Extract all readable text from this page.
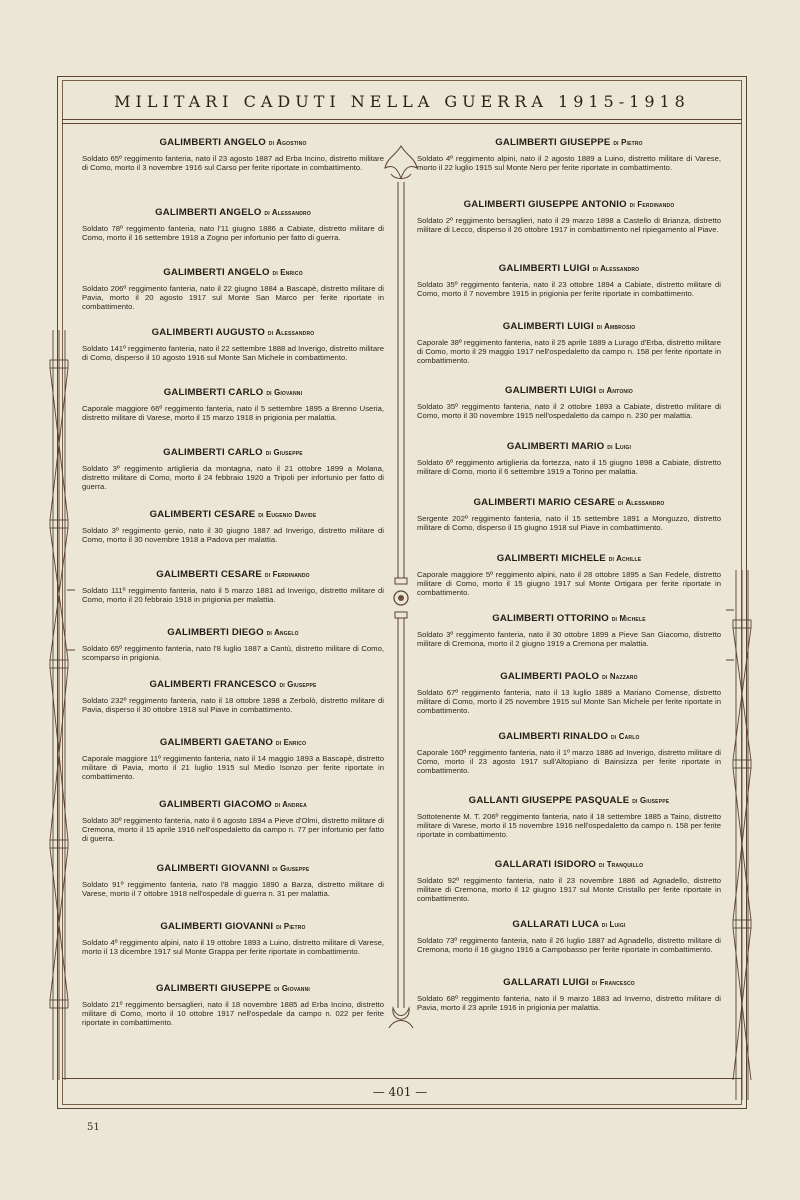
MILITARI CADUTI NELLA GUERRA 1915-1918
GALIMBERTI ANGELO di Agostino
Soldato 65º reggimento fanteria, nato il 23 agosto 1887 ad Erba Incino, distretto militare di Como, morto il 3 novembre 1916 sul Carso per ferite riportate in combattimento.
GALIMBERTI ANGELO di Alessandro
Soldato 78º reggimento fanteria, nato l'11 giugno 1886 a Cabiate, distretto militare di Como, morto il 16 settembre 1918 a Zogno per infortunio per fatto di guerra.
GALIMBERTI ANGELO di Enrico
Soldato 206º reggimento fanteria, nato il 22 giugno 1884 a Bascapè, distretto militare di Pavia, morto il 20 agosto 1917 sul Monte San Marco per ferite riportate in combattimento.
GALIMBERTI AUGUSTO di Alessandro
Soldato 141º reggimento fanteria, nato il 22 settembre 1888 ad Inverigo, distretto militare di Como, disperso il 10 agosto 1916 sul Monte San Michele in combattimento.
GALIMBERTI CARLO di Giovanni
Caporale maggiore 66º reggimento fanteria, nato il 5 settembre 1895 a Brenno Useria, distretto militare di Varese, morto il 15 marzo 1918 in prigionia per malattia.
GALIMBERTI CARLO di Giuseppe
Soldato 3º reggimento artiglieria da montagna, nato il 21 ottobre 1899 a Molana, distretto militare di Como, morto il 24 febbraio 1920 a Tripoli per infortunio per fatto di guerra.
GALIMBERTI CESARE di Eugenio Davide
Soldato 3º reggimento genio, nato il 30 giugno 1887 ad Inverigo, distretto militare di Como, morto il 30 novembre 1918 a Padova per malattia.
GALIMBERTI CESARE di Ferdinando
Soldato 111º reggimento fanteria, nato il 5 marzo 1881 ad Inverigo, distretto militare di Como, morto il 20 febbraio 1918 in prigionia per malattia.
GALIMBERTI DIEGO di Angelo
Soldato 65º reggimento fanteria, nato l'8 luglio 1887 a Cantù, distretto militare di Como, scomparso in prigionia.
GALIMBERTI FRANCESCO di Giuseppe
Soldato 232º reggimento fanteria, nato il 18 ottobre 1898 a Zerbolò, distretto militare di Pavia, disperso il 30 ottobre 1918 sul Piave in combattimento.
GALIMBERTI GAETANO di Enrico
Caporale maggiore 11º reggimento fanteria, nato il 14 maggio 1893 a Bascapè, distretto militare di Pavia, morto il 21 luglio 1915 sul Medio Isonzo per ferite riportate in combattimento.
GALIMBERTI GIACOMO di Andrea
Soldato 30º reggimento fanteria, nato il 6 agosto 1894 a Pieve d'Olmi, distretto militare di Cremona, morto il 15 aprile 1916 nell'ospedaletto da campo n. 77 per infortunio per fatto di guerra.
GALIMBERTI GIOVANNI di Giuseppe
Soldato 91º reggimento fanteria, nato l'8 maggio 1890 a Barza, distretto militare di Varese, morto il 7 ottobre 1918 nell'ospedale di guerra n. 31 per malattia.
GALIMBERTI GIOVANNI di Pietro
Soldato 4º reggimento alpini, nato il 19 ottobre 1893 a Luino, distretto militare di Varese, morto il 13 dicembre 1917 sul Monte Grappa per ferite riportate in combattimento.
GALIMBERTI GIUSEPPE di Giovanni
Soldato 21º reggimento bersaglieri, nato il 18 novembre 1885 ad Erba Incino, distretto militare di Como, morto il 10 ottobre 1917 nell'ospedale da campo n. 022 per ferite riportate in combattimento.
GALIMBERTI GIUSEPPE di Pietro
Soldato 4º reggimento alpini, nato il 2 agosto 1889 a Luino, distretto militare di Varese, morto il 22 luglio 1915 sul Monte Nero per ferite riportate in combattimento.
GALIMBERTI GIUSEPPE ANTONIO di Ferdinando
Soldato 2º reggimento bersaglieri, nato il 29 marzo 1898 a Castello di Brianza, distretto militare di Lecco, disperso il 26 ottobre 1917 in combattimento nel ripiegamento al Piave.
GALIMBERTI LUIGI di Alessandro
Soldato 35º reggimento fanteria, nato il 23 ottobre 1894 a Cabiate, distretto militare di Como, morto il 7 novembre 1915 in prigionia per ferite riportate in combattimento.
GALIMBERTI LUIGI di Ambrosio
Caporale 38º reggimento fanteria, nato il 25 aprile 1889 a Lurago d'Erba, distretto militare di Como, morto il 29 maggio 1917 nell'ospedaletto da campo n. 158 per ferite riportate in combattimento.
GALIMBERTI LUIGI di Antonio
Soldato 35º reggimento fanteria, nato il 2 ottobre 1893 a Cabiate, distretto militare di Como, morto il 30 novembre 1915 nell'ospedaletto da campo n. 230 per malattia.
GALIMBERTI MARIO di Luigi
Soldato 6º reggimento artiglieria da fortezza, nato il 15 giugno 1898 a Cabiate, distretto militare di Como, morto il 6 settembre 1919 a Torino per malattia.
GALIMBERTI MARIO CESARE di Alessandro
Sergente 202º reggimento fanteria, nato il 15 settembre 1891 a Monguzzo, distretto militare di Como, disperso il 15 giugno 1918 sul Piave in combattimento.
GALIMBERTI MICHELE di Achille
Caporale maggiore 5º reggimento alpini, nato il 28 ottobre 1895 a San Fedele, distretto militare di Como, morto il 15 giugno 1917 sul Monte Ortigara per ferite riportate in combattimento.
GALIMBERTI OTTORINO di Michele
Soldato 3º reggimento fanteria, nato il 30 ottobre 1899 a Pieve San Giacomo, distretto militare di Cremona, morto il 2 giugno 1919 a Cremona per malattia.
GALIMBERTI PAOLO di Nazzaro
Soldato 67º reggimento fanteria, nato il 13 luglio 1889 a Mariano Comense, distretto militare di Como, morto il 25 novembre 1915 sul Monte San Michele per ferite riportate in combattimento.
GALIMBERTI RINALDO di Carlo
Caporale 160º reggimento fanteria, nato il 1º marzo 1886 ad Inverigo, distretto militare di Como, morto il 23 agosto 1917 sull'Altopiano di Bainsizza per ferite riportate in combattimento.
GALLANTI GIUSEPPE PASQUALE di Giuseppe
Sottotenente M. T. 206º reggimento fanteria, nato il 18 settembre 1885 a Taino, distretto militare di Varese, morto il 15 novembre 1916 nell'ospedaletto da campo n. 158 per ferite riportate in combattimento.
GALLARATI ISIDORO di Tranquillo
Soldato 92º reggimento fanteria, nato il 23 novembre 1886 ad Agnadello, distretto militare di Cremona, morto il 12 giugno 1917 sul Monte Cristallo per ferite riportate in combattimento.
GALLARATI LUCA di Luigi
Soldato 73º reggimento fanteria, nato il 26 luglio 1887 ad Agnadello, distretto militare di Cremona, morto il 16 giugno 1916 a Campobasso per ferite riportate in combattimento.
GALLARATI LUIGI di Francesco
Soldato 68º reggimento fanteria, nato il 9 marzo 1883 ad Inverno, distretto militare di Pavia, morto il 23 aprile 1916 in prigionia per malattia.
— 401 —
51
